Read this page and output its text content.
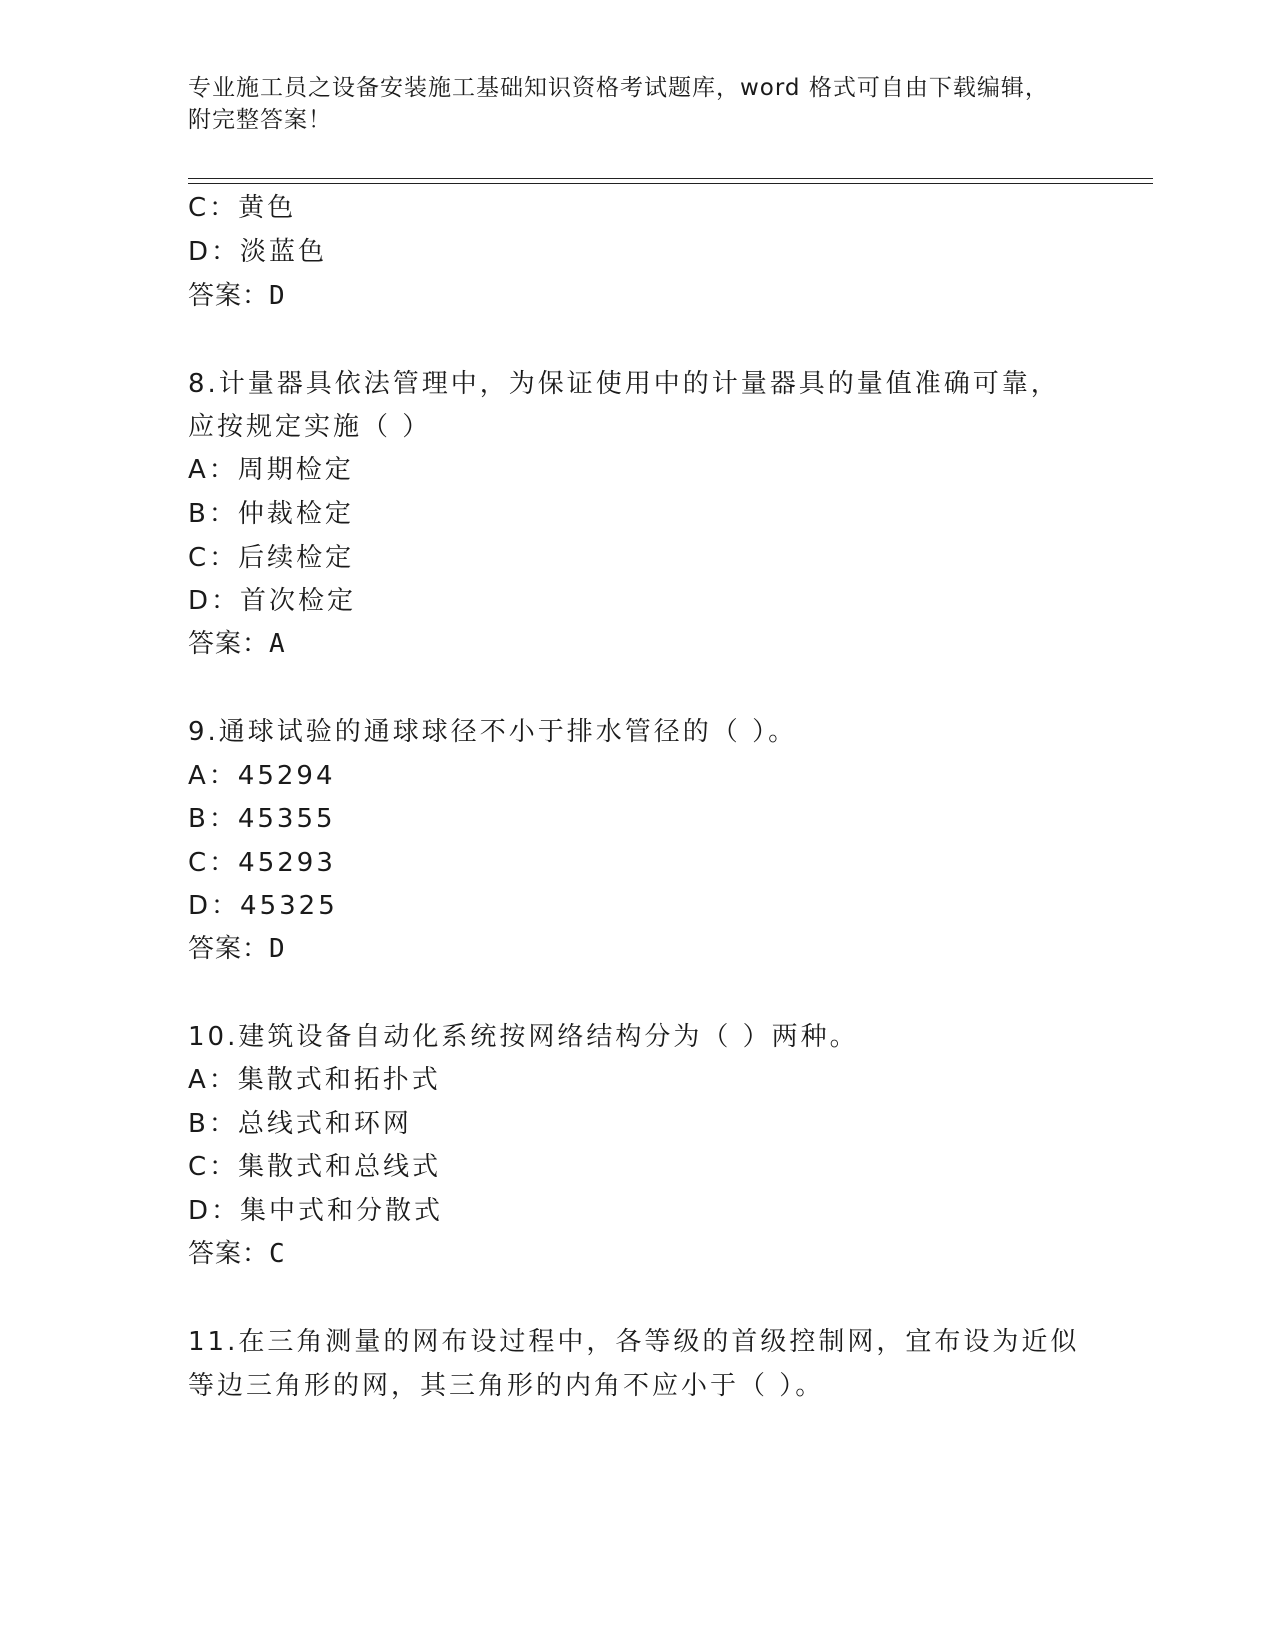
专业施工员之设备安装施工基础知识资格考试题库，word 格式可自由下载编辑，
附完整答案！
C：黄色
D：淡蓝色
答案：D
8.计量器具依法管理中，为保证使用中的计量器具的量值准确可靠，
应按规定实施（ ）
A：周期检定
B：仲裁检定
C：后续检定
D：首次检定
答案：A
9.通球试验的通球球径不小于排水管径的（ ）。
A：45294
B：45355
C：45293
D：45325
答案：D
10.建筑设备自动化系统按网络结构分为（ ）两种。
A：集散式和拓扑式
B：总线式和环网
C：集散式和总线式
D：集中式和分散式
答案：C
11.在三角测量的网布设过程中，各等级的首级控制网，宜布设为近似
等边三角形的网，其三角形的内角不应小于（ ）。
